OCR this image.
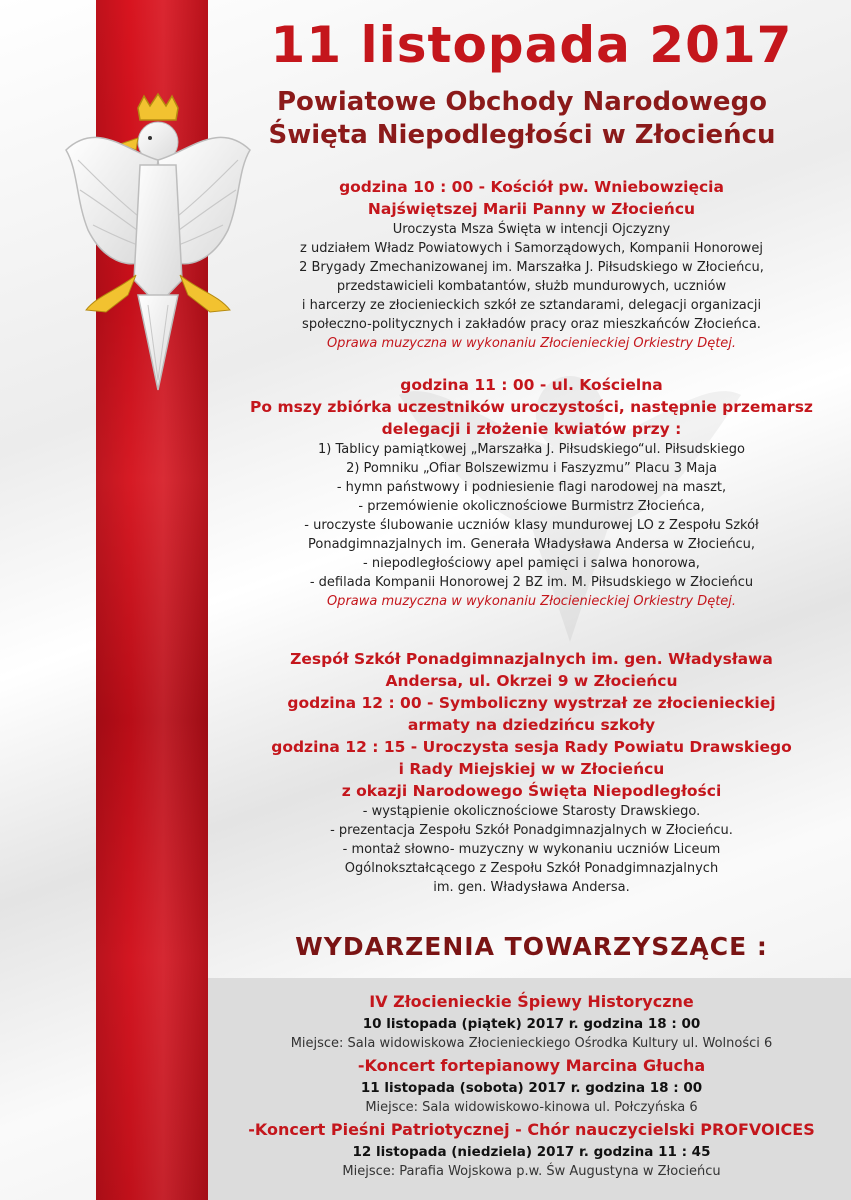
11 listopada 2017
Powiatowe Obchody Narodowego
Święta Niepodległości w Złocieńcu
godzina 10 : 00 - Kościół pw. Wniebowzięcia
Najświętszej Marii Panny w Złocieńcu
Uroczysta Msza Święta w intencji Ojczyzny
z udziałem Władz Powiatowych i Samorządowych, Kompanii Honorowej
2 Brygady Zmechanizowanej im. Marszałka J. Piłsudskiego w Złocieńcu,
przedstawicieli kombatantów, służb mundurowych, uczniów
i harcerzy ze złocienieckich szkół ze sztandarami, delegacji organizacji
społeczno-politycznych i zakładów pracy oraz mieszkańców Złocieńca.
Oprawa muzyczna w wykonaniu Złocienieckiej Orkiestry Dętej.
godzina 11 : 00 - ul. Kościelna
Po mszy zbiórka uczestników uroczystości, następnie przemarsz
delegacji i złożenie kwiatów przy :
1) Tablicy pamiątkowej „Marszałka J. Piłsudskiego“ul. Piłsudskiego
2) Pomniku „Ofiar Bolszewizmu i Faszyzmu” Placu 3 Maja
- hymn państwowy i podniesienie flagi narodowej na maszt,
- przemówienie okolicznościowe Burmistrz Złocieńca,
- uroczyste ślubowanie uczniów klasy mundurowej LO z Zespołu Szkół
Ponadgimnazjalnych im. Generała Władysława Andersa w Złocieńcu,
- niepodległościowy apel pamięci i salwa honorowa,
- defilada Kompanii Honorowej 2 BZ im. M. Piłsudskiego w Złocieńcu
Oprawa muzyczna w wykonaniu Złocienieckiej Orkiestry Dętej.
Zespół Szkół Ponadgimnazjalnych im. gen. Władysława
Andersa, ul. Okrzei 9 w Złocieńcu
godzina 12 : 00 - Symboliczny wystrzał ze złocienieckiej
armaty na dziedzińcu szkoły
godzina 12 : 15 - Uroczysta sesja Rady Powiatu Drawskiego
i Rady Miejskiej w w Złocieńcu
z okazji Narodowego Święta Niepodległości
- wystąpienie okolicznościowe Starosty Drawskiego.
- prezentacja Zespołu Szkół Ponadgimnazjalnych w Złocieńcu.
- montaż słowno- muzyczny w wykonaniu uczniów Liceum
Ogólnokształcącego z Zespołu Szkół Ponadgimnazjalnych
im. gen. Władysława Andersa.
WYDARZENIA TOWARZYSZĄCE :
IV Złocienieckie Śpiewy Historyczne
10 listopada (piątek) 2017 r. godzina 18 : 00
Miejsce: Sala widowiskowa Złocienieckiego Ośrodka Kultury ul. Wolności 6
-Koncert fortepianowy Marcina Głucha
11 listopada (sobota) 2017 r. godzina 18 : 00
Miejsce: Sala widowiskowo-kinowa ul. Połczyńska 6
-Koncert Pieśni Patriotycznej - Chór nauczycielski PROFVOICES
12 listopada (niedziela) 2017 r. godzina 11 : 45
Miejsce: Parafia Wojskowa p.w. Św Augustyna w Złocieńcu
